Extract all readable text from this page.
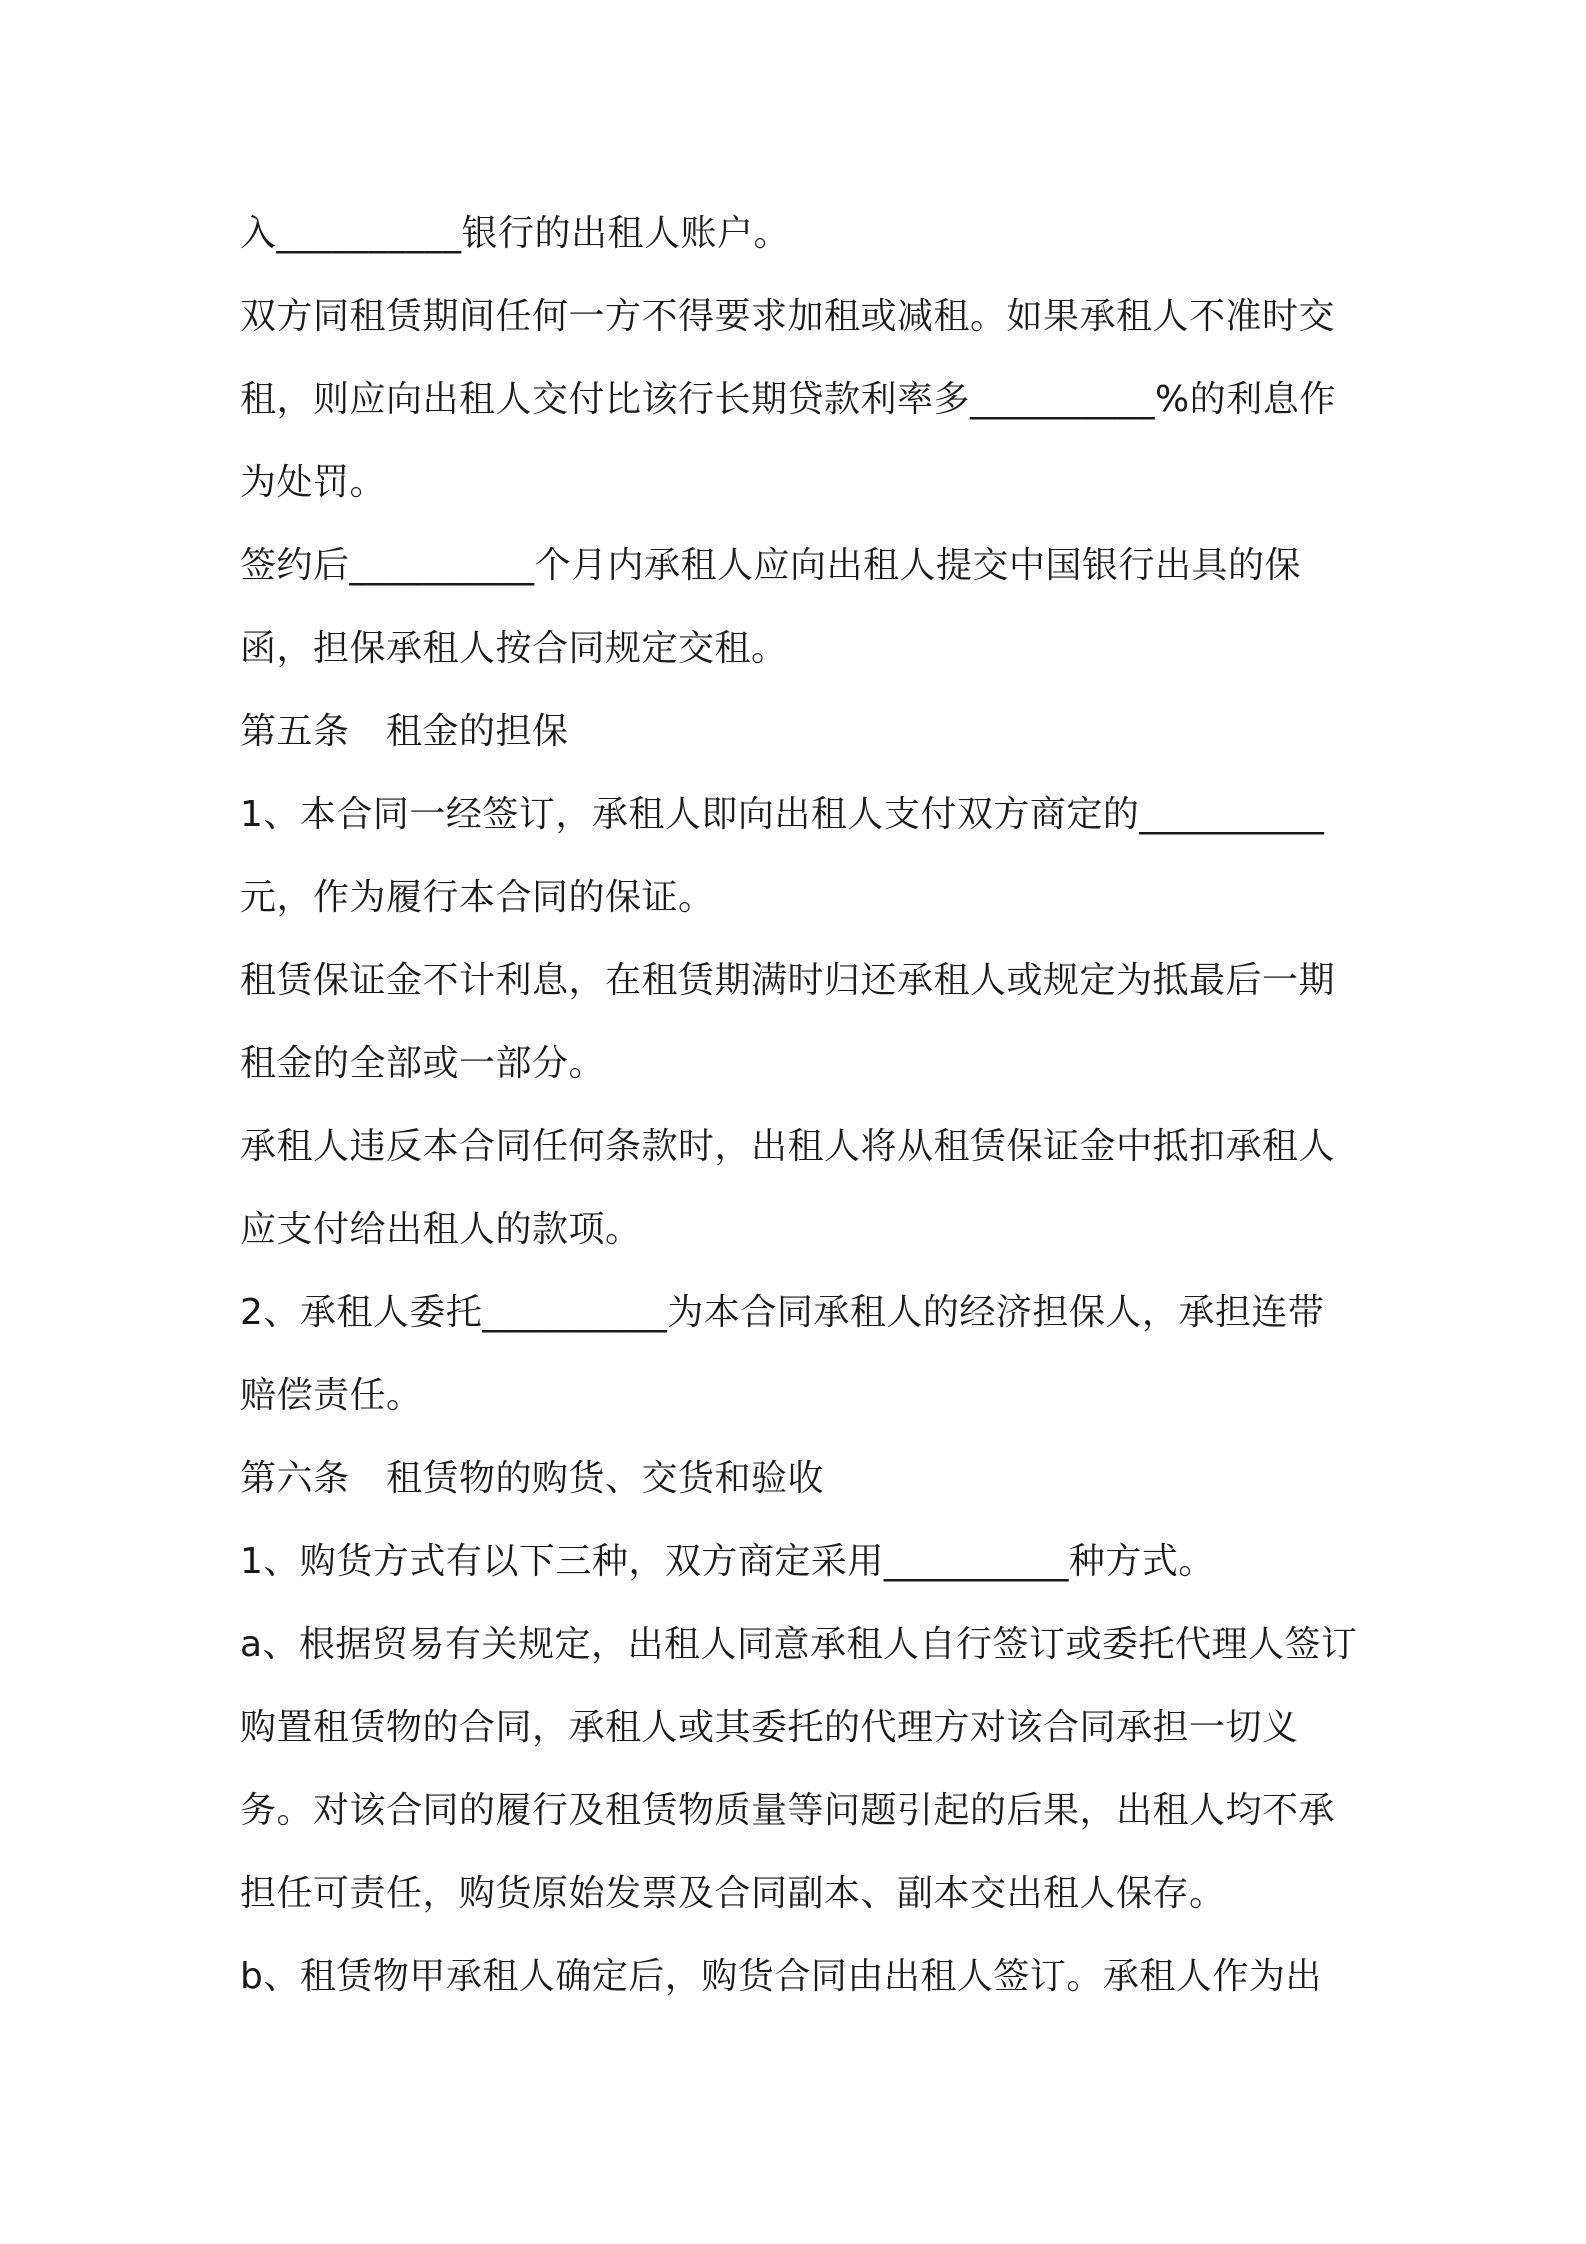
入__________银行的出租人账户。

双方同租赁期间任何一方不得要求加租或减租。如果承租人不准时交租，则应向出租人交付比该行长期贷款利率多__________%的利息作为处罚。

签约后__________个月内承租人应向出租人提交中国银行出具的保函，担保承租人按合同规定交租。

第五条　租金的担保

1、本合同一经签订，承租人即向出租人支付双方商定的__________元，作为履行本合同的保证。

租赁保证金不计利息，在租赁期满时归还承租人或规定为抵最后一期租金的全部或一部分。

承租人违反本合同任何条款时，出租人将从租赁保证金中抵扣承租人应支付给出租人的款项。

2、承租人委托__________为本合同承租人的经济担保人，承担连带赔偿责任。

第六条　租赁物的购货、交货和验收

1、购货方式有以下三种，双方商定采用__________种方式。

a、根据贸易有关规定，出租人同意承租人自行签订或委托代理人签订购置租赁物的合同，承租人或其委托的代理方对该合同承担一切义务。对该合同的履行及租赁物质量等问题引起的后果，出租人均不承担任可责任，购货原始发票及合同副本、副本交出租人保存。

b、租赁物甲承租人确定后，购货合同由出租人签订。承租人作为出
